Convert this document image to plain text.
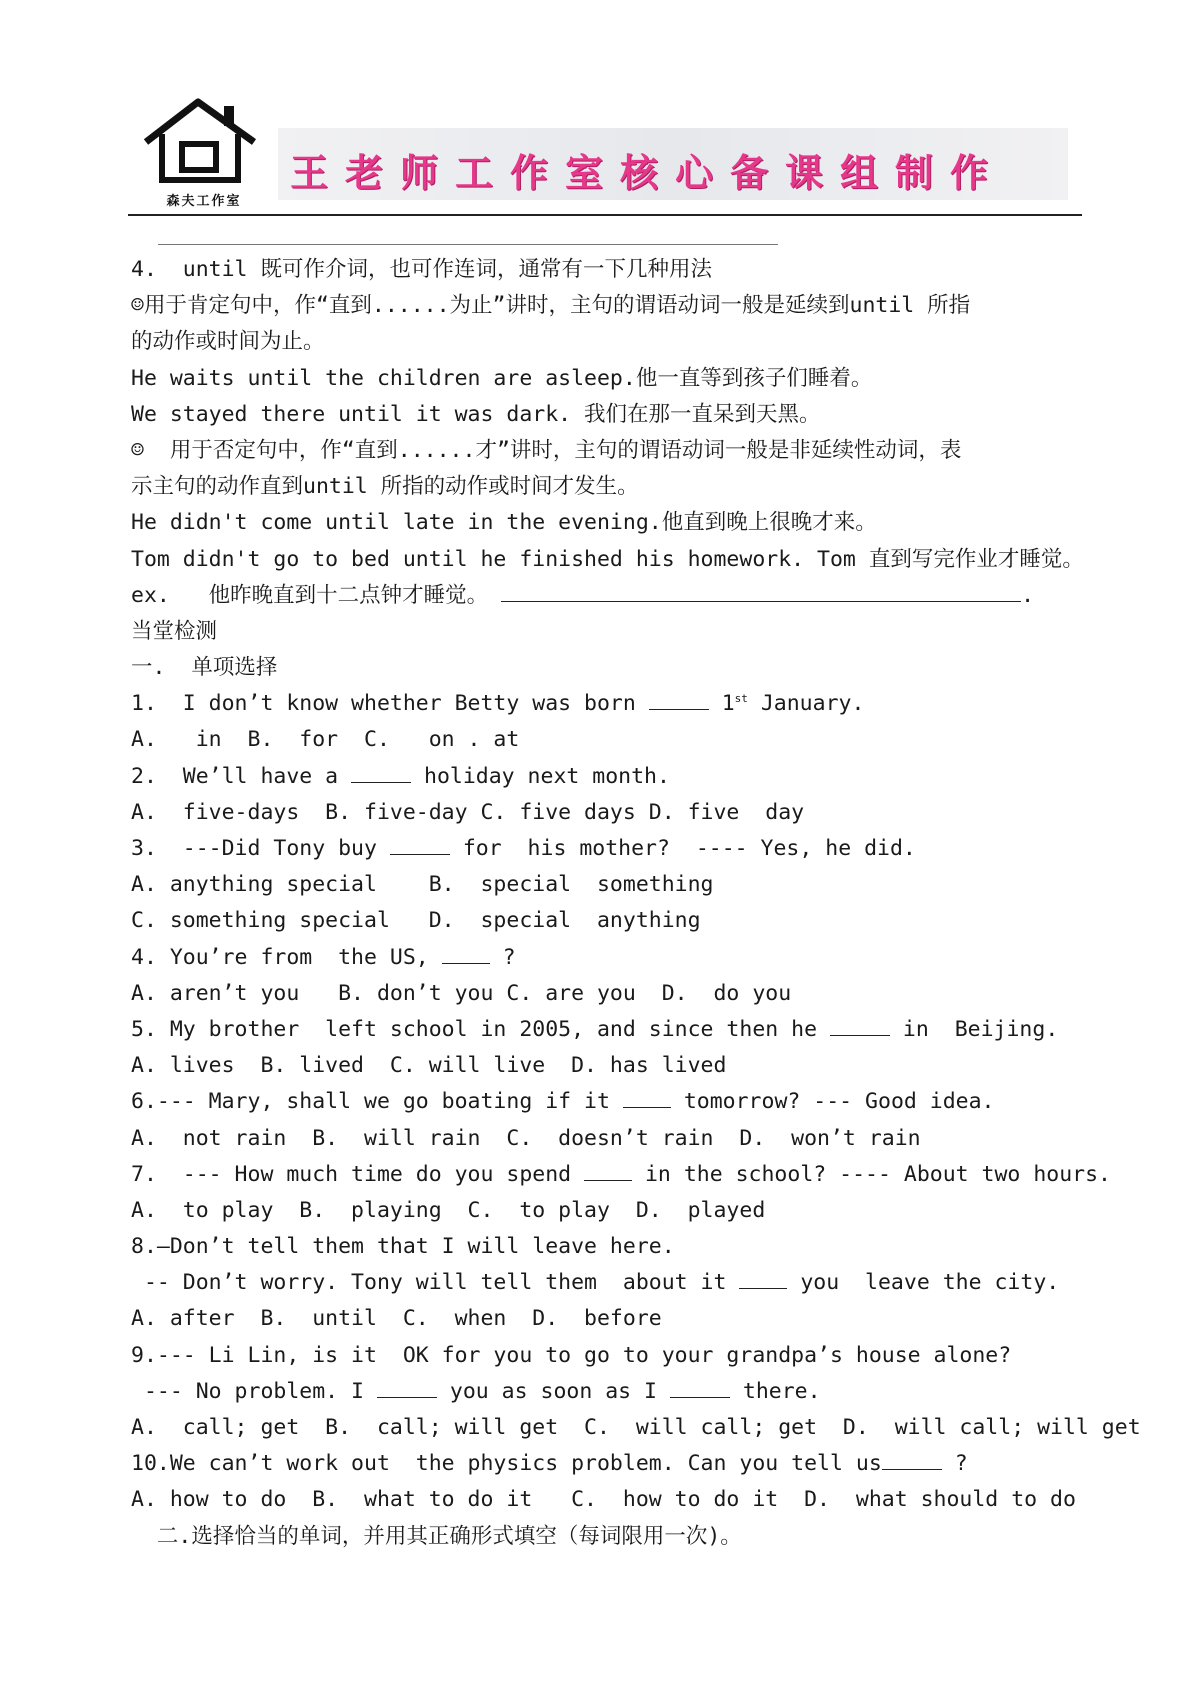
森夫工作室
王老师工作室核心备课组制作
4.  until 既可作介词，也可作连词，通常有一下几种用法
☺用于肯定句中，作“直到......为止”讲时，主句的谓语动词一般是延续到until 所指
的动作或时间为止。
He waits until the children are asleep.他一直等到孩子们睡着。
We stayed there until it was dark. 我们在那一直呆到天黑。
☺  用于否定句中，作“直到......才”讲时，主句的谓语动词一般是非延续性动词，表
示主句的动作直到until 所指的动作或时间才发生。
He didn't come until late in the evening.他直到晚上很晚才来。
Tom didn't go to bed until he finished his homework. Tom 直到写完作业才睡觉。
ex.   他昨晚直到十二点钟才睡觉。	.
当堂检测
一.  单项选择
1.  I don’t know whether Betty was born	1st January.
A.   in  B.  for  C.   on . at
2.  We’ll have a	holiday next month.
A.  five-days  B. five-day C. five days D. five  day
3.  ---Did Tony buy	for  his mother?  ---- Yes, he did.
A. anything special    B.  special  something
C. something special   D.  special  anything
4. You’re from  the US,  ?
A. aren’t you   B. don’t you C. are you  D.  do you
5. My brother  left school in 2005, and since then he	in  Beijing.
A. lives  B. lived  C. will live  D. has lived
6.--- Mary, shall we go boating if it  tomorrow? --- Good idea.
A.  not rain  B.  will rain  C.  doesn’t rain  D.  won’t rain
7.  --- How much time do you spend  in the school? ---- About two hours.
A.  to play  B.  playing  C.  to play  D.  played
8.—Don’t tell them that I will leave here.
-- Don’t worry. Tony will tell them  about it  you  leave the city.
A. after  B.  until  C.  when  D.  before
9.--- Li Lin, is it  OK for you to go to your grandpa’s house alone?
--- No problem. I	you as soon as I	there.
A.  call; get  B.  call; will get  C.  will call; get  D.  will call; will get
10.We can’t work out  the physics problem. Can you tell us	?
A. how to do  B.  what to do it   C.  how to do it  D.  what should to do
二.选择恰当的单词，并用其正确形式填空（每词限用一次)。
